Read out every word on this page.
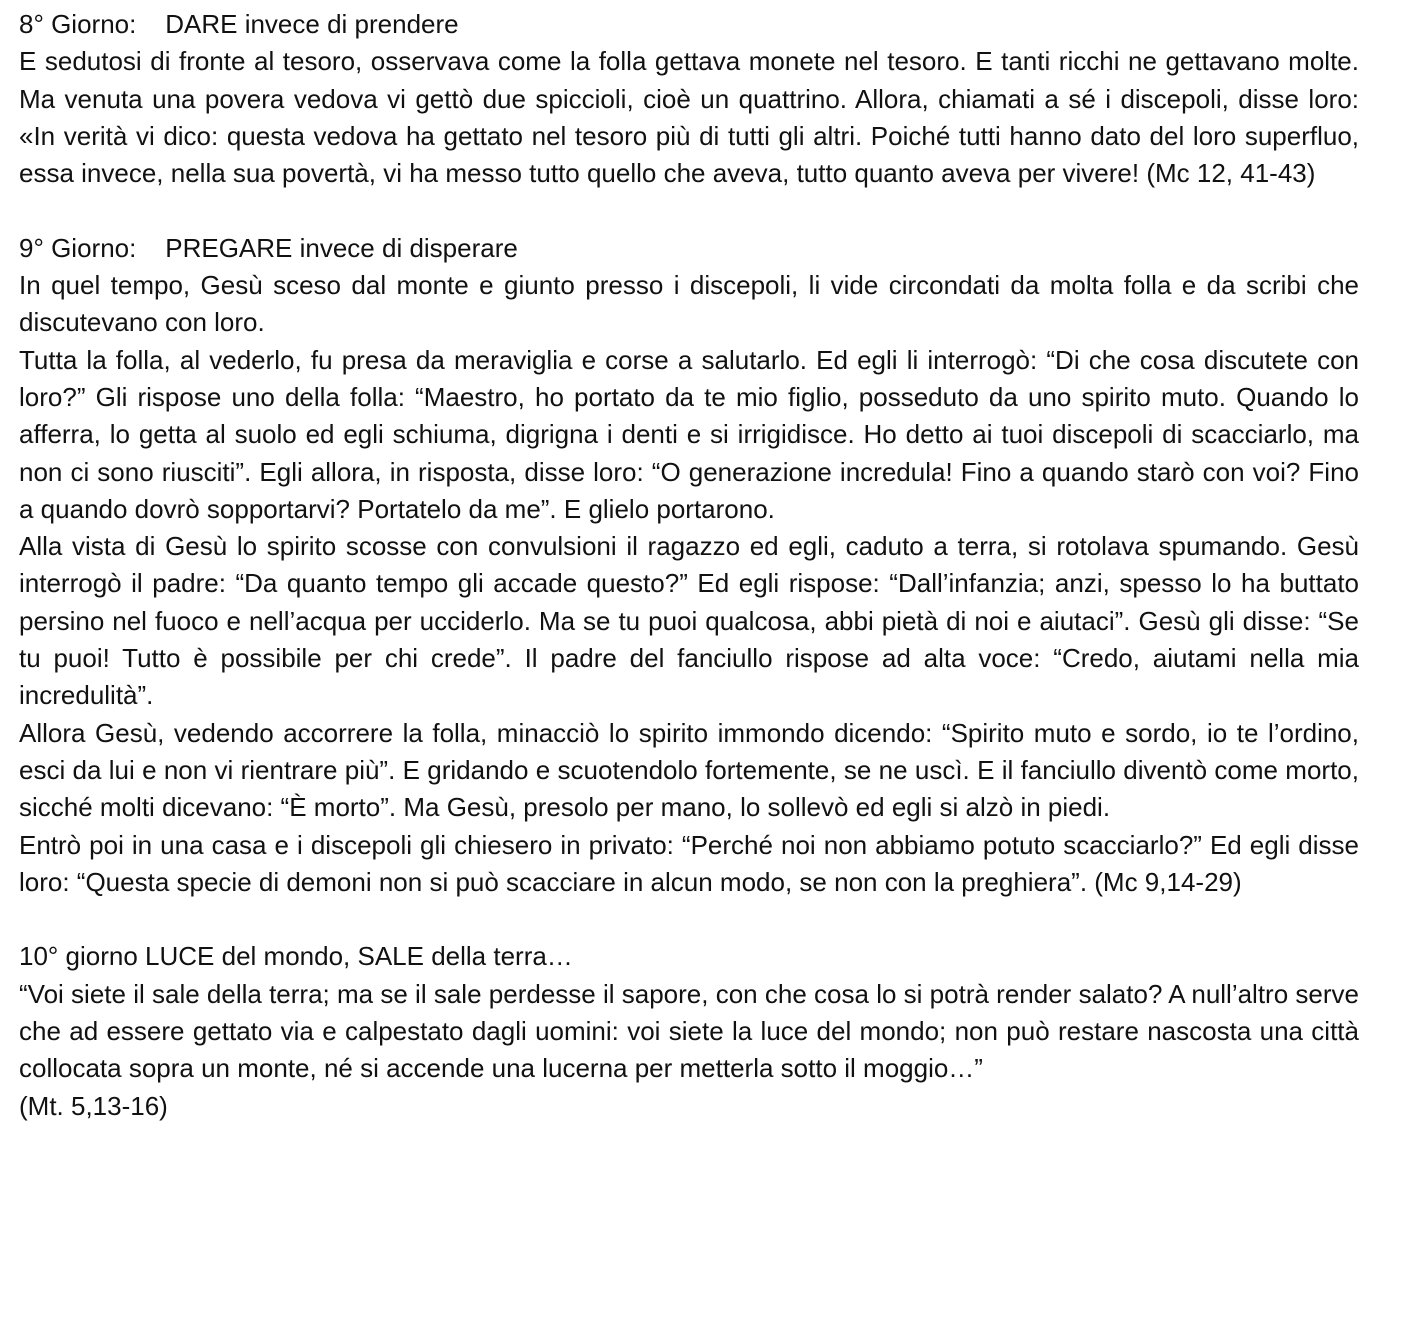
8° Giorno:    DARE invece di prendere

E sedutosi di fronte al tesoro, osservava come la folla gettava monete nel tesoro. E tanti ricchi ne gettavano molte. Ma venuta una povera vedova vi gettò due spiccioli, cioè un quattrino. Allora, chiamati a sé i discepoli, disse loro: «In verità vi dico: questa vedova ha gettato nel tesoro più di tutti gli altri. Poiché tutti hanno dato del loro superfluo, essa invece, nella sua povertà, vi ha messo tutto quello che aveva, tutto quanto aveva per vivere! (Mc 12, 41-43)

9° Giorno:    PREGARE invece di disperare

In quel tempo, Gesù sceso dal monte e giunto presso i discepoli, li vide circondati da molta folla e da scribi che discutevano con loro.

Tutta la folla, al vederlo, fu presa da meraviglia e corse a salutarlo. Ed egli li interrogò: “Di che cosa discutete con loro?” Gli rispose uno della folla: “Maestro, ho portato da te mio figlio, posseduto da uno spirito muto. Quando lo afferra, lo getta al suolo ed egli schiuma, digrigna i denti e si irrigidisce. Ho detto ai tuoi discepoli di scacciarlo, ma non ci sono riusciti”. Egli allora, in risposta, disse loro: “O generazione incredula! Fino a quando starò con voi? Fino a quando dovrò sopportarvi? Portatelo da me”. E glielo portarono.

Alla vista di Gesù lo spirito scosse con convulsioni il ragazzo ed egli, caduto a terra, si rotolava spumando. Gesù interrogò il padre: “Da quanto tempo gli accade questo?” Ed egli rispose: “Dall’infanzia; anzi, spesso lo ha buttato persino nel fuoco e nell’acqua per ucciderlo. Ma se tu puoi qualcosa, abbi pietà di noi e aiutaci”. Gesù gli disse: “Se tu puoi! Tutto è possibile per chi crede”. Il padre del fanciullo rispose ad alta voce: “Credo, aiutami nella mia incredulità”.

Allora Gesù, vedendo accorrere la folla, minacciò lo spirito immondo dicendo: “Spirito muto e sordo, io te l’ordino, esci da lui e non vi rientrare più”. E gridando e scuotendolo fortemente, se ne uscì. E il fanciullo diventò come morto, sicché molti dicevano: “È morto”. Ma Gesù, presolo per mano, lo sollevò ed egli si alzò in piedi.

Entrò poi in una casa e i discepoli gli chiesero in privato: “Perché noi non abbiamo potuto scacciarlo?” Ed egli disse loro: “Questa specie di demoni non si può scacciare in alcun modo, se non con la preghiera”. (Mc 9,14-29)

10° giorno LUCE del mondo, SALE della terra…

“Voi siete il sale della terra; ma se il sale perdesse il sapore, con che cosa lo si potrà render salato? A null’altro serve che ad essere gettato via e calpestato dagli uomini: voi siete la luce del mondo; non può restare nascosta una città collocata sopra un monte, né si accende una lucerna per metterla sotto il moggio…”

(Mt. 5,13-16)
